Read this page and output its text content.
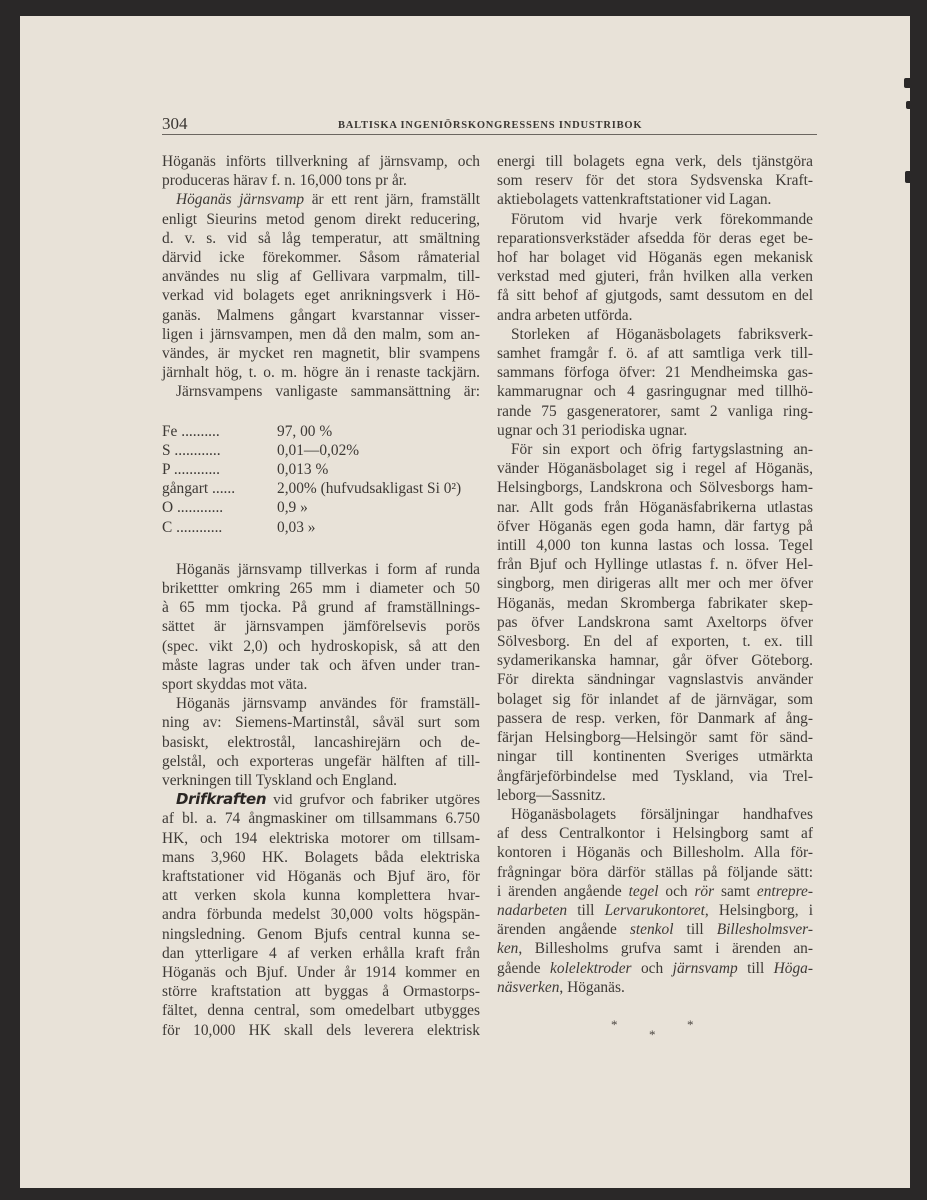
304	BALTISKA INGENIÖRSKONGRESSENS INDUSTRIBOK
Höganäs införts tillverkning af järnsvamp, och
produceras härav f. n. 16,000 tons pr år.
Höganäs järnsvamp är ett rent järn, framställt
enligt Sieurins metod genom direkt reducering,
d. v. s. vid så låg temperatur, att smältning
därvid icke förekommer. Såsom råmaterial
användes nu slig af Gellivara varpmalm, till-
verkad vid bolagets eget anrikningsverk i Hö-
ganäs. Malmens gångart kvarstannar visser-
ligen i järnsvampen, men då den malm, som an-
vändes, är mycket ren magnetit, blir svampens
järnhalt hög, t. o. m. högre än i renaste tackjärn.
Järnsvampens vanligaste sammansättning är:
Fe ..........	97, 00 %
S ............	0,01—0,02%
P ............	0,013 %
gångart ......	2,00% (hufvudsakligast Si 0²)
O ............	0,9 »
C ............	0,03 »
Höganäs järnsvamp tillverkas i form af runda
brikettter omkring 265 mm i diameter och 50
à 65 mm tjocka. På grund af framställnings-
sättet är järnsvampen jämförelsevis porös
(spec. vikt 2,0) och hydroskopisk, så att den
måste lagras under tak och äfven under tran-
sport skyddas mot väta.
Höganäs järnsvamp användes för framställ-
ning av: Siemens-Martinstål, såväl surt som
basiskt, elektrostål, lancashirejärn och de-
gelstål, och exporteras ungefär hälften af till-
verkningen till Tyskland och England.
Drifkraften vid grufvor och fabriker utgöres
af bl. a. 74 ångmaskiner om tillsammans 6.750
HK, och 194 elektriska motorer om tillsam-
mans 3,960 HK. Bolagets båda elektriska
kraftstationer vid Höganäs och Bjuf äro, för
att verken skola kunna komplettera hvar-
andra förbunda medelst 30,000 volts högspän-
ningsledning. Genom Bjufs central kunna se-
dan ytterligare 4 af verken erhålla kraft från
Höganäs och Bjuf. Under år 1914 kommer en
större kraftstation att byggas å Ormastorps-
fältet, denna central, som omedelbart utbygges
för 10,000 HK skall dels leverera elektrisk
energi till bolagets egna verk, dels tjänstgöra
som reserv för det stora Sydsvenska Kraft-
aktiebolagets vattenkraftstationer vid Lagan.
Förutom vid hvarje verk förekommande
reparationsverkstäder afsedda för deras eget be-
hof har bolaget vid Höganäs egen mekanisk
verkstad med gjuteri, från hvilken alla verken
få sitt behof af gjutgods, samt dessutom en del
andra arbeten utförda.
Storleken af Höganäsbolagets fabriksverk-
samhet framgår f. ö. af att samtliga verk till-
sammans förfoga öfver: 21 Mendheimska gas-
kammarugnar och 4 gasringugnar med tillhö-
rande 75 gasgeneratorer, samt 2 vanliga ring-
ugnar och 31 periodiska ugnar.
För sin export och öfrig fartygslastning an-
vänder Höganäsbolaget sig i regel af Höganäs,
Helsingborgs, Landskrona och Sölvesborgs ham-
nar. Allt gods från Höganäsfabrikerna utlastas
öfver Höganäs egen goda hamn, där fartyg på
intill 4,000 ton kunna lastas och lossa. Tegel
från Bjuf och Hyllinge utlastas f. n. öfver Hel-
singborg, men dirigeras allt mer och mer öfver
Höganäs, medan Skromberga fabrikater skep-
pas öfver Landskrona samt Axeltorps öfver
Sölvesborg. En del af exporten, t. ex. till
sydamerikanska hamnar, går öfver Göteborg.
För direkta sändningar vagnslastvis använder
bolaget sig för inlandet af de järnvägar, som
passera de resp. verken, för Danmark af ång-
färjan Helsingborg—Helsingör samt för sänd-
ningar till kontinenten Sveriges utmärkta
ångfärjeförbindelse med Tyskland, via Trel-
leborg—Sassnitz.
Höganäsbolagets försäljningar handhafves
af dess Centralkontor i Helsingborg samt af
kontoren i Höganäs och Billesholm. Alla för-
frågningar böra därför ställas på följande sätt:
i ärenden angående tegel och rör samt entrepre-
nadarbeten till Lervarukontoret, Helsingborg, i
ärenden angående stenkol till Billesholmsver-
ken, Billesholms grufva samt i ärenden an-
gående kolelektroder och järnsvamp till Höga-
näsverken, Höganäs.
*
*
*
